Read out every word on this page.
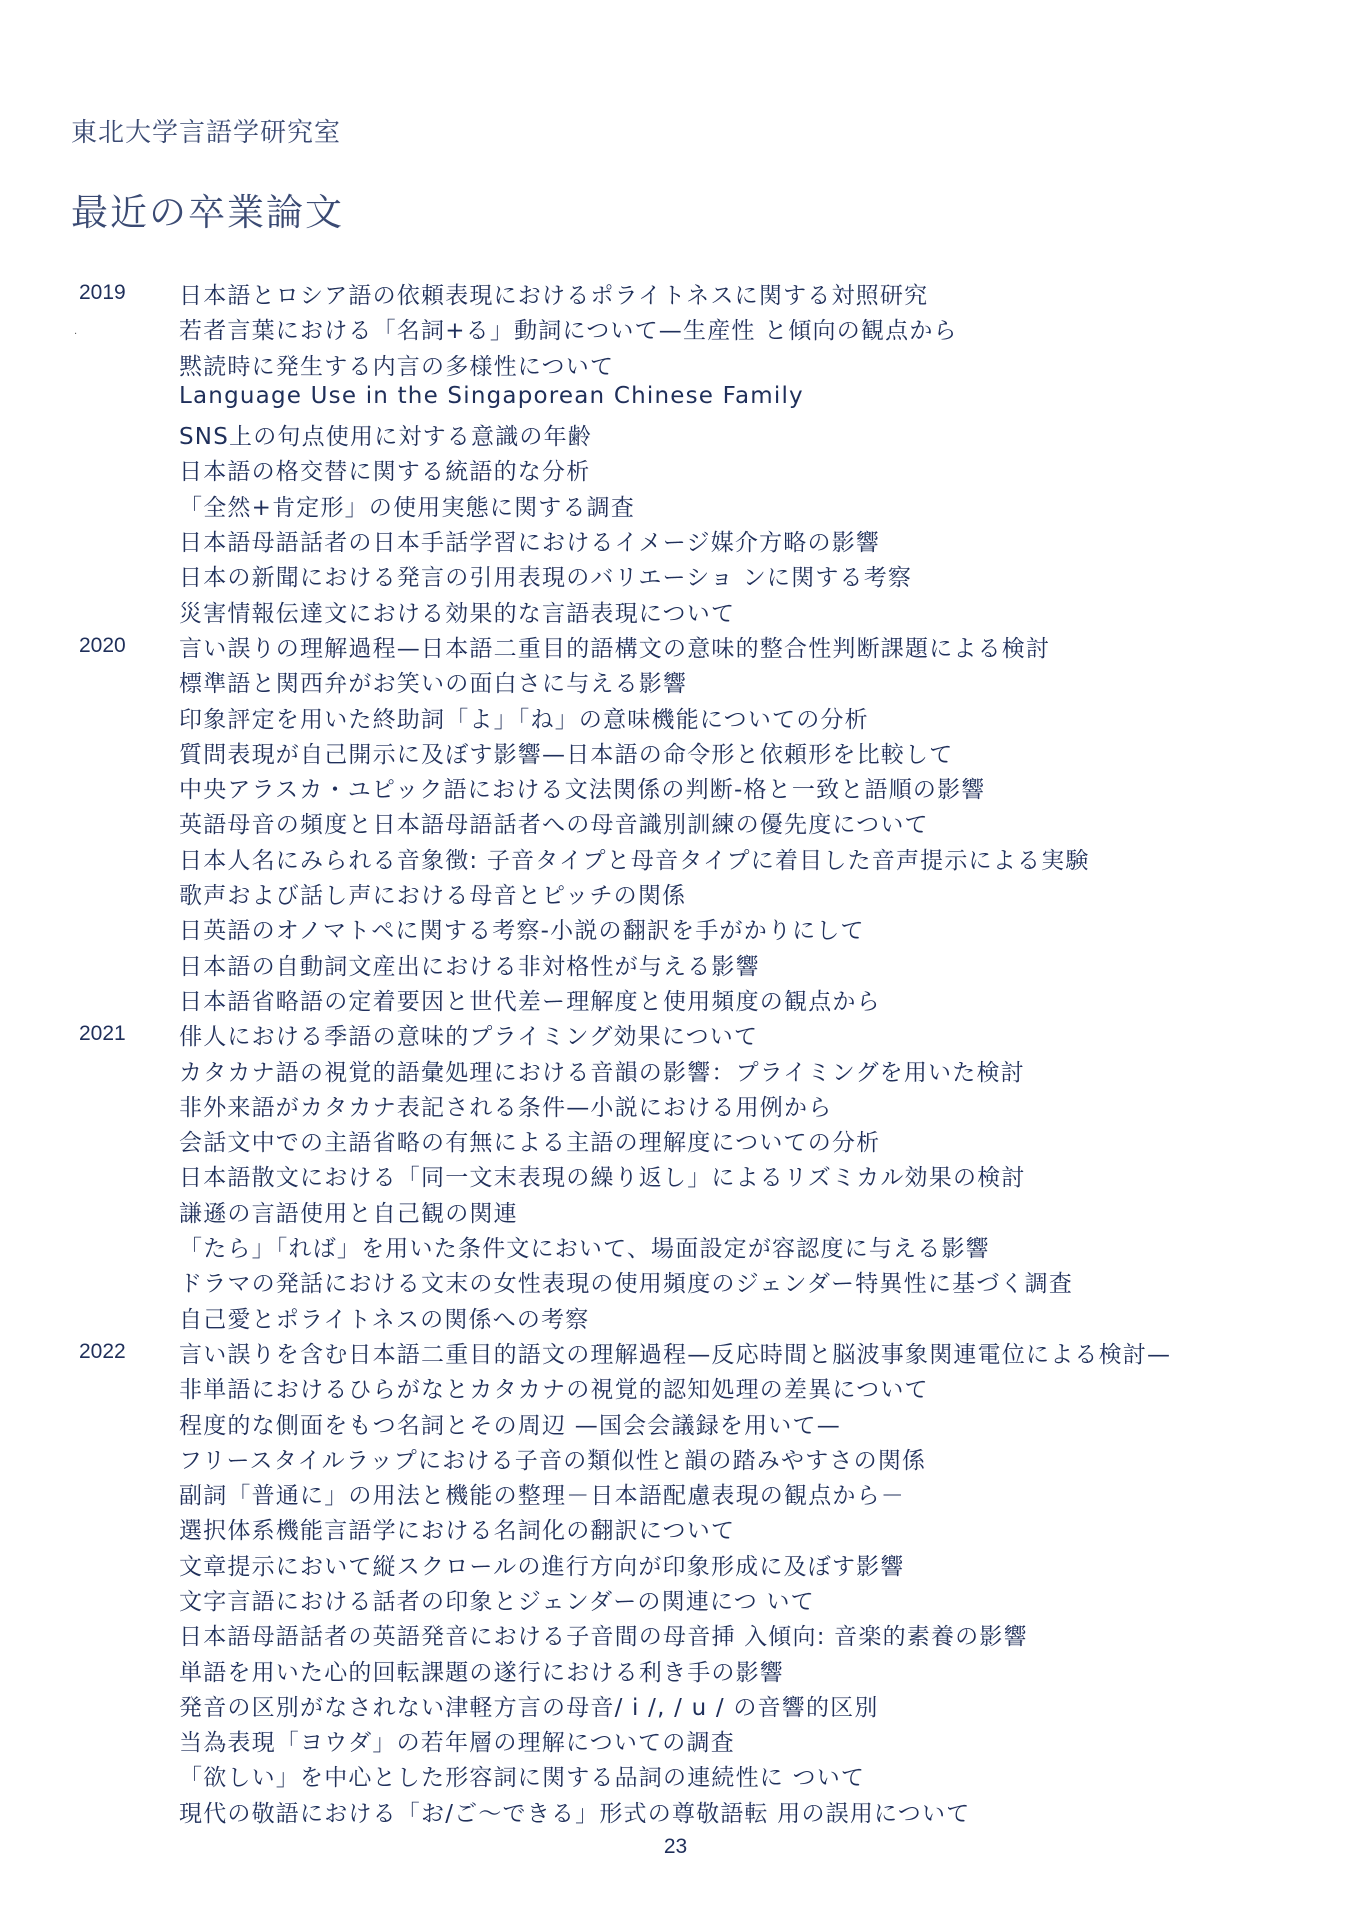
東北大学言語学研究室
最近の卒業論文
.
2019 日本語とロシア語の依頼表現におけるポライトネスに関する対照研究
若者言葉における「名詞+る」動詞について—生産性 と傾向の観点から
黙読時に発生する内言の多様性について
Language Use in the Singaporean Chinese Family
SNS上の句点使用に対する意識の年齢
日本語の格交替に関する統語的な分析
「全然+肯定形」の使用実態に関する調査
日本語母語話者の日本手話学習におけるイメージ媒介方略の影響
日本の新聞における発言の引用表現のバリエーショ ンに関する考察
災害情報伝達文における効果的な言語表現について
2020 言い誤りの理解過程—日本語二重目的語構文の意味的整合性判断課題による検討
標準語と関西弁がお笑いの面白さに与える影響
印象評定を用いた終助詞「よ」「ね」の意味機能についての分析
質問表現が自己開示に及ぼす影響—日本語の命令形と依頼形を比較して
中央アラスカ・ユピック語における文法関係の判断-格と一致と語順の影響
英語母音の頻度と日本語母語話者への母音識別訓練の優先度について
日本人名にみられる音象徴: 子音タイプと母音タイプに着目した音声提示による実験
歌声および話し声における母音とピッチの関係
日英語のオノマトペに関する考察-小説の翻訳を手がかりにして
日本語の自動詞文産出における非対格性が与える影響
日本語省略語の定着要因と世代差ー理解度と使用頻度の観点から
2021 俳人における季語の意味的プライミング効果について
カタカナ語の視覚的語彙処理における音韻の影響：プライミングを用いた検討
非外来語がカタカナ表記される条件—小説における用例から
会話文中での主語省略の有無による主語の理解度についての分析
日本語散文における「同一文末表現の繰り返し」によるリズミカル効果の検討
謙遜の言語使用と自己観の関連
「たら」「れば」を用いた条件文において、場面設定が容認度に与える影響
ドラマの発話における文末の女性表現の使用頻度のジェンダー特異性に基づく調査
自己愛とポライトネスの関係への考察
2022 言い誤りを含む日本語二重目的語文の理解過程—反応時間と脳波事象関連電位による検討—
非単語におけるひらがなとカタカナの視覚的認知処理の差異について
程度的な側面をもつ名詞とその周辺 —国会会議録を用いて—
フリースタイルラップにおける子音の類似性と韻の踏みやすさの関係
副詞「普通に」の用法と機能の整理－日本語配慮表現の観点から－
選択体系機能言語学における名詞化の翻訳について
文章提示において縦スクロールの進行方向が印象形成に及ぼす影響
文字言語における話者の印象とジェンダーの関連につ いて
日本語母語話者の英語発音における子音間の母音挿 入傾向: 音楽的素養の影響
単語を用いた心的回転課題の遂行における利き手の影響
発音の区別がなされない津軽方言の母音/ i /, / u / の音響的区別
当為表現「ヨウダ」の若年層の理解についての調査
「欲しい」を中心とした形容詞に関する品詞の連続性に ついて
現代の敬語における「お/ご～できる」形式の尊敬語転 用の誤用について
23
